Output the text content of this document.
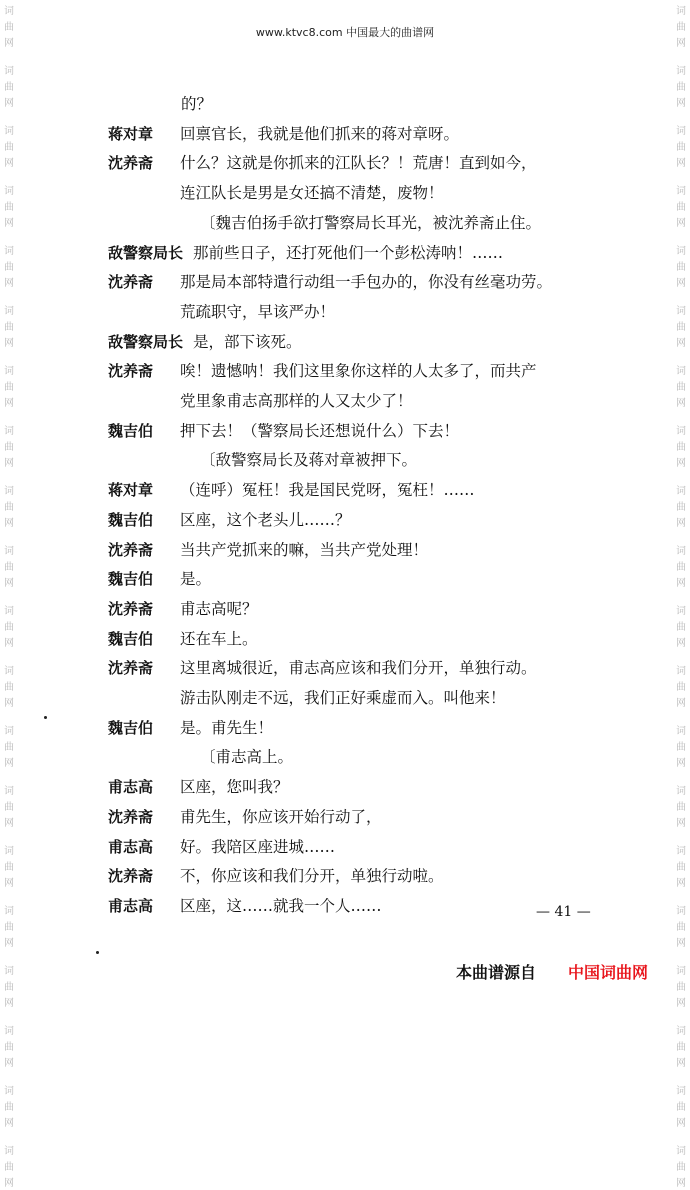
词
曲
网
词
曲
网
词
曲
网
词
曲
网
词
曲
网
词
曲
网
词
曲
网
词
曲
网
词
曲
网
词
曲
网
词
曲
网
词
曲
网
词
曲
网
词
曲
网
词
曲
网
词
曲
网
词
曲
网
词
曲
网
词
曲
网
词
曲
网
词
曲
网
词
曲
网
词
曲
网
词
曲
网
词
曲
网
词
曲
网
词
曲
网
词
曲
网
词
曲
网
词
曲
网
词
曲
网
词
曲
网
词
曲
网
词
曲
网
词
曲
网
词
曲
网
词
曲
网
词
曲
网
词
曲
网
词
曲
网
www.ktvc8.com 中国最大的曲谱网
的？
蒋对章 回禀官长，我就是他们抓来的蒋对章呀。
沈养斋 什么？这就是你抓来的江队长？！荒唐！直到如今，
连江队长是男是女还搞不清楚，废物！
〔魏吉伯扬手欲打警察局长耳光，被沈养斋止住。
敌警察局长 那前些日子，还打死他们一个彭松涛呐！……
沈养斋 那是局本部特遣行动组一手包办的，你没有丝毫功劳。
荒疏职守，早该严办！
敌警察局长 是，部下该死。
沈养斋 唉！遗憾呐！我们这里象你这样的人太多了，而共产
党里象甫志高那样的人又太少了！
魏吉伯 押下去！（警察局长还想说什么）下去！
〔敌警察局长及蒋对章被押下。
蒋对章 （连呼）冤枉！我是国民党呀，冤枉！……
魏吉伯 区座，这个老头儿……？
沈养斋 当共产党抓来的嘛，当共产党处理！
魏吉伯 是。
沈养斋 甫志高呢？
魏吉伯 还在车上。
沈养斋 这里离城很近，甫志高应该和我们分开，单独行动。
游击队刚走不远，我们正好乘虚而入。叫他来！
魏吉伯 是。甫先生！
〔甫志高上。
甫志高 区座，您叫我？
沈养斋 甫先生，你应该开始行动了，
甫志高 好。我陪区座进城……
沈养斋 不，你应该和我们分开，单独行动啦。
甫志高 区座，这……就我一个人……	— 41 —
本曲谱源自 中国词曲网
